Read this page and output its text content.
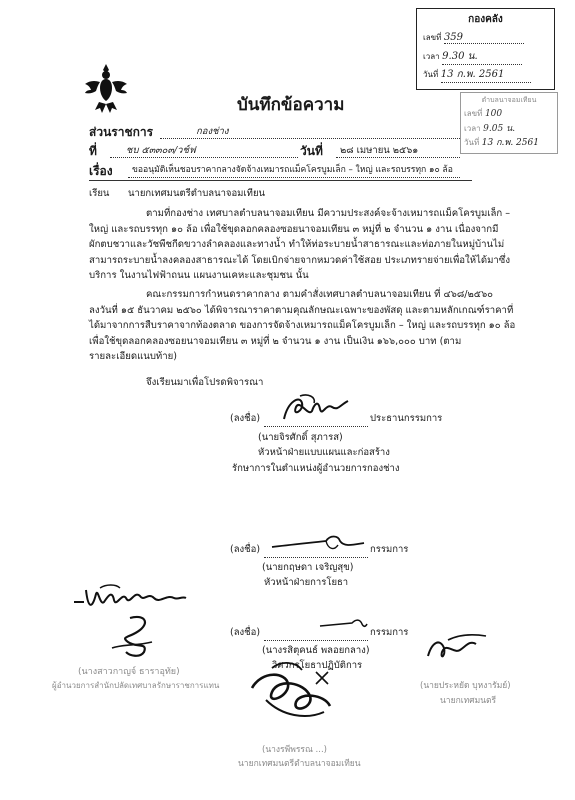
กองคลัง
เลขที่ 359
เวลา 9.30 น.
วันที่ 13 ก.พ. 2561
ตำบลนาจอมเทียน
เลขที่ 100
เวลา 9.05 น.
วันที่ 13 ก.พ. 2561
บันทึกข้อความ
ส่วนราชการ	กองช่าง
ที่	ชบ ๕๓๓๐๓/วช์ฟ	วันที่ ๒๘ เมษายน ๒๕๖๑
เรื่อง ขออนุมัติเห็นชอบราคากลางจัดจ้างเหมารถแม็คโครบูมเล็ก – ใหญ่ และรถบรรทุก ๑๐ ล้อ
เรียน นายกเทศมนตรีตำบลนาจอมเทียน
ตามที่กองช่าง เทศบาลตำบลนาจอมเทียน มีความประสงค์จะจ้างเหมารถแม็คโครบูมเล็ก –
ใหญ่ และรถบรรทุก ๑๐ ล้อ เพื่อใช้ขุดลอกคลองซอยนาจอมเทียน ๓ หมู่ที่ ๒ จำนวน ๑ งาน เนื่องจากมี
ผักตบชวาและวัชพืชกีดขวางลำคลองและทางน้ำ ทำให้ท่อระบายน้ำสาธารณะและท่อภายในหมู่บ้านไม่
สามารถระบายน้ำลงคลองสาธารณะได้ โดยเบิกจ่ายจากหมวดค่าใช้สอย ประเภทรายจ่ายเพื่อให้ได้มาซึ่ง
บริการ ในงานไฟฟ้าถนน แผนงานเคหะและชุมชน นั้น
คณะกรรมการกำหนดราคากลาง ตามคำสั่งเทศบาลตำบลนาจอมเทียน ที่ ๔๖๘/๒๕๖๐
ลงวันที่ ๑๕ ธันวาคม ๒๕๖๐ ได้พิจารณาราคาตามคุณลักษณะเฉพาะของพัสดุ และตามหลักเกณฑ์ราคาที่
ได้มาจากการสืบราคาจากท้องตลาด ของการจัดจ้างเหมารถแม็คโครบูมเล็ก – ใหญ่ และรถบรรทุก ๑๐ ล้อ
เพื่อใช้ขุดลอกคลองซอยนาจอมเทียน ๓ หมู่ที่ ๒ จำนวน ๑ งาน เป็นเงิน ๑๖๖,๐๐๐ บาท (ตาม
รายละเอียดแนบท้าย)
จึงเรียนมาเพื่อโปรดพิจารณา
(ลงชื่อ)	ประธานกรรมการ
(นายจิรศักดิ์ สุภารส)
หัวหน้าฝ่ายแบบแผนและก่อสร้าง
รักษาการในตำแหน่งผู้อำนวยการกองช่าง
(ลงชื่อ)	กรรมการ
(นายกฤษดา เจริญสุข)
หัวหน้าฝ่ายการโยธา
(ลงชื่อ)	กรรมการ
(นางรสิตุคนธ์ พลอยกลาง)
วิศวกรโยธาปฏิบัติการ
(นางสาวกาญจ์ ธาราอุทัย)
ผู้อำนวยการสำนักปลัดเทศบาลรักษาราชการแทน
(นางรพีพรรณ ...)
นายกเทศมนตรีตำบลนาจอมเทียน
(นายประหยัด บุหงารัมย์)
นายกเทศมนตรี
